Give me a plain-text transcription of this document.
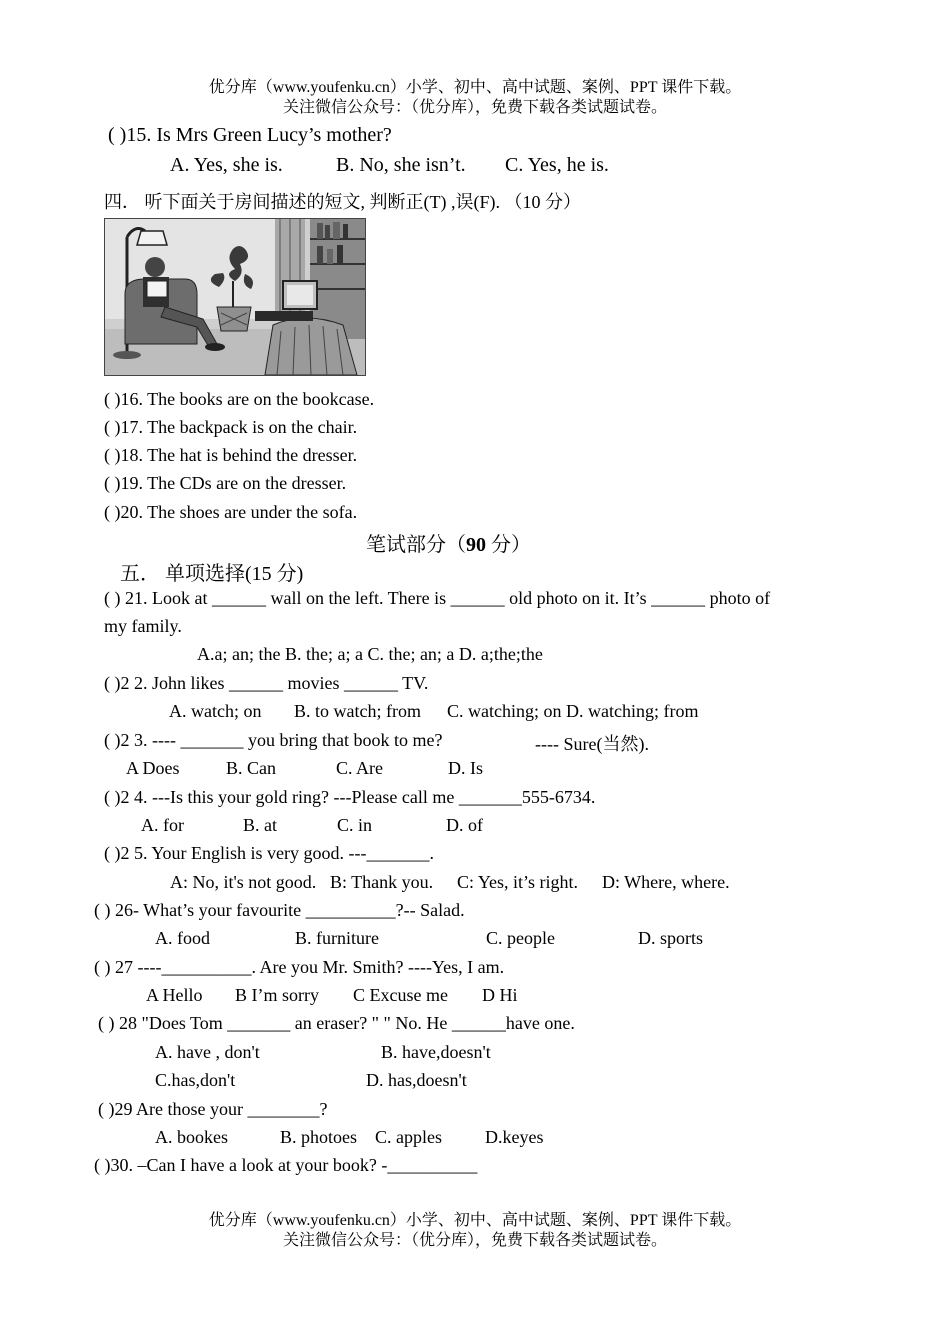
优分库（www.youfenku.cn）小学、初中、高中试题、案例、PPT 课件下载。
关注微信公众号：（优分库），免费下载各类试题试卷。
( )15. Is Mrs Green Lucy’s mother?
A. Yes, she is.	B. No, she isn’t. C. Yes, he is.
四． 听下面关于房间描述的短文, 判断正(T) ,误(F). （10 分）
( )16. The books are on the bookcase.
( )17. The backpack is on the chair.
( )18. The hat is behind the dresser.
( )19. The CDs are on the dresser.
( )20. The shoes are under the sofa.
笔试部分（90 分）
五． 单项选择(15 分)
( ) 21. Look at ______ wall on the left. There is ______ old photo on it. It’s ______ photo of
my family.
A.a; an; the B. the; a; a C. the; an; a D. a;the;the
( )2 2. John likes ______ movies ______ TV.
A. watch; on B. to watch; from C. watching; on D. watching; from
( )2 3. ---- _______ you bring that book to me?	---- Sure(当然).
A Does	B. Can	C. Are	D. Is
( )2 4. ---Is this your gold ring? ---Please call me _______555-6734.
A. for	B. at	C. in	D. of
( )2 5. Your English is very good. ---_______.
A: No, it's not good. B: Thank you. C: Yes, it’s right. D: Where, where.
( ) 26- What’s your favourite __________?-- Salad.
A. food	B. furniture	C. people	D. sports
( ) 27 ----__________. Are you Mr. Smith? ----Yes, I am.
A Hello B I’m sorry C Excuse me D Hi
( ) 28 "Does Tom _______ an eraser? " " No. He ______have one.
A. have , don't	B. have,doesn't
C.has,don't	D. has,doesn't
( )29 Are those your ________?
A. bookes	B. photoes C. apples D.keyes
( )30. –Can I have a look at your book? -__________
优分库（www.youfenku.cn）小学、初中、高中试题、案例、PPT 课件下载。
关注微信公众号：（优分库），免费下载各类试题试卷。
